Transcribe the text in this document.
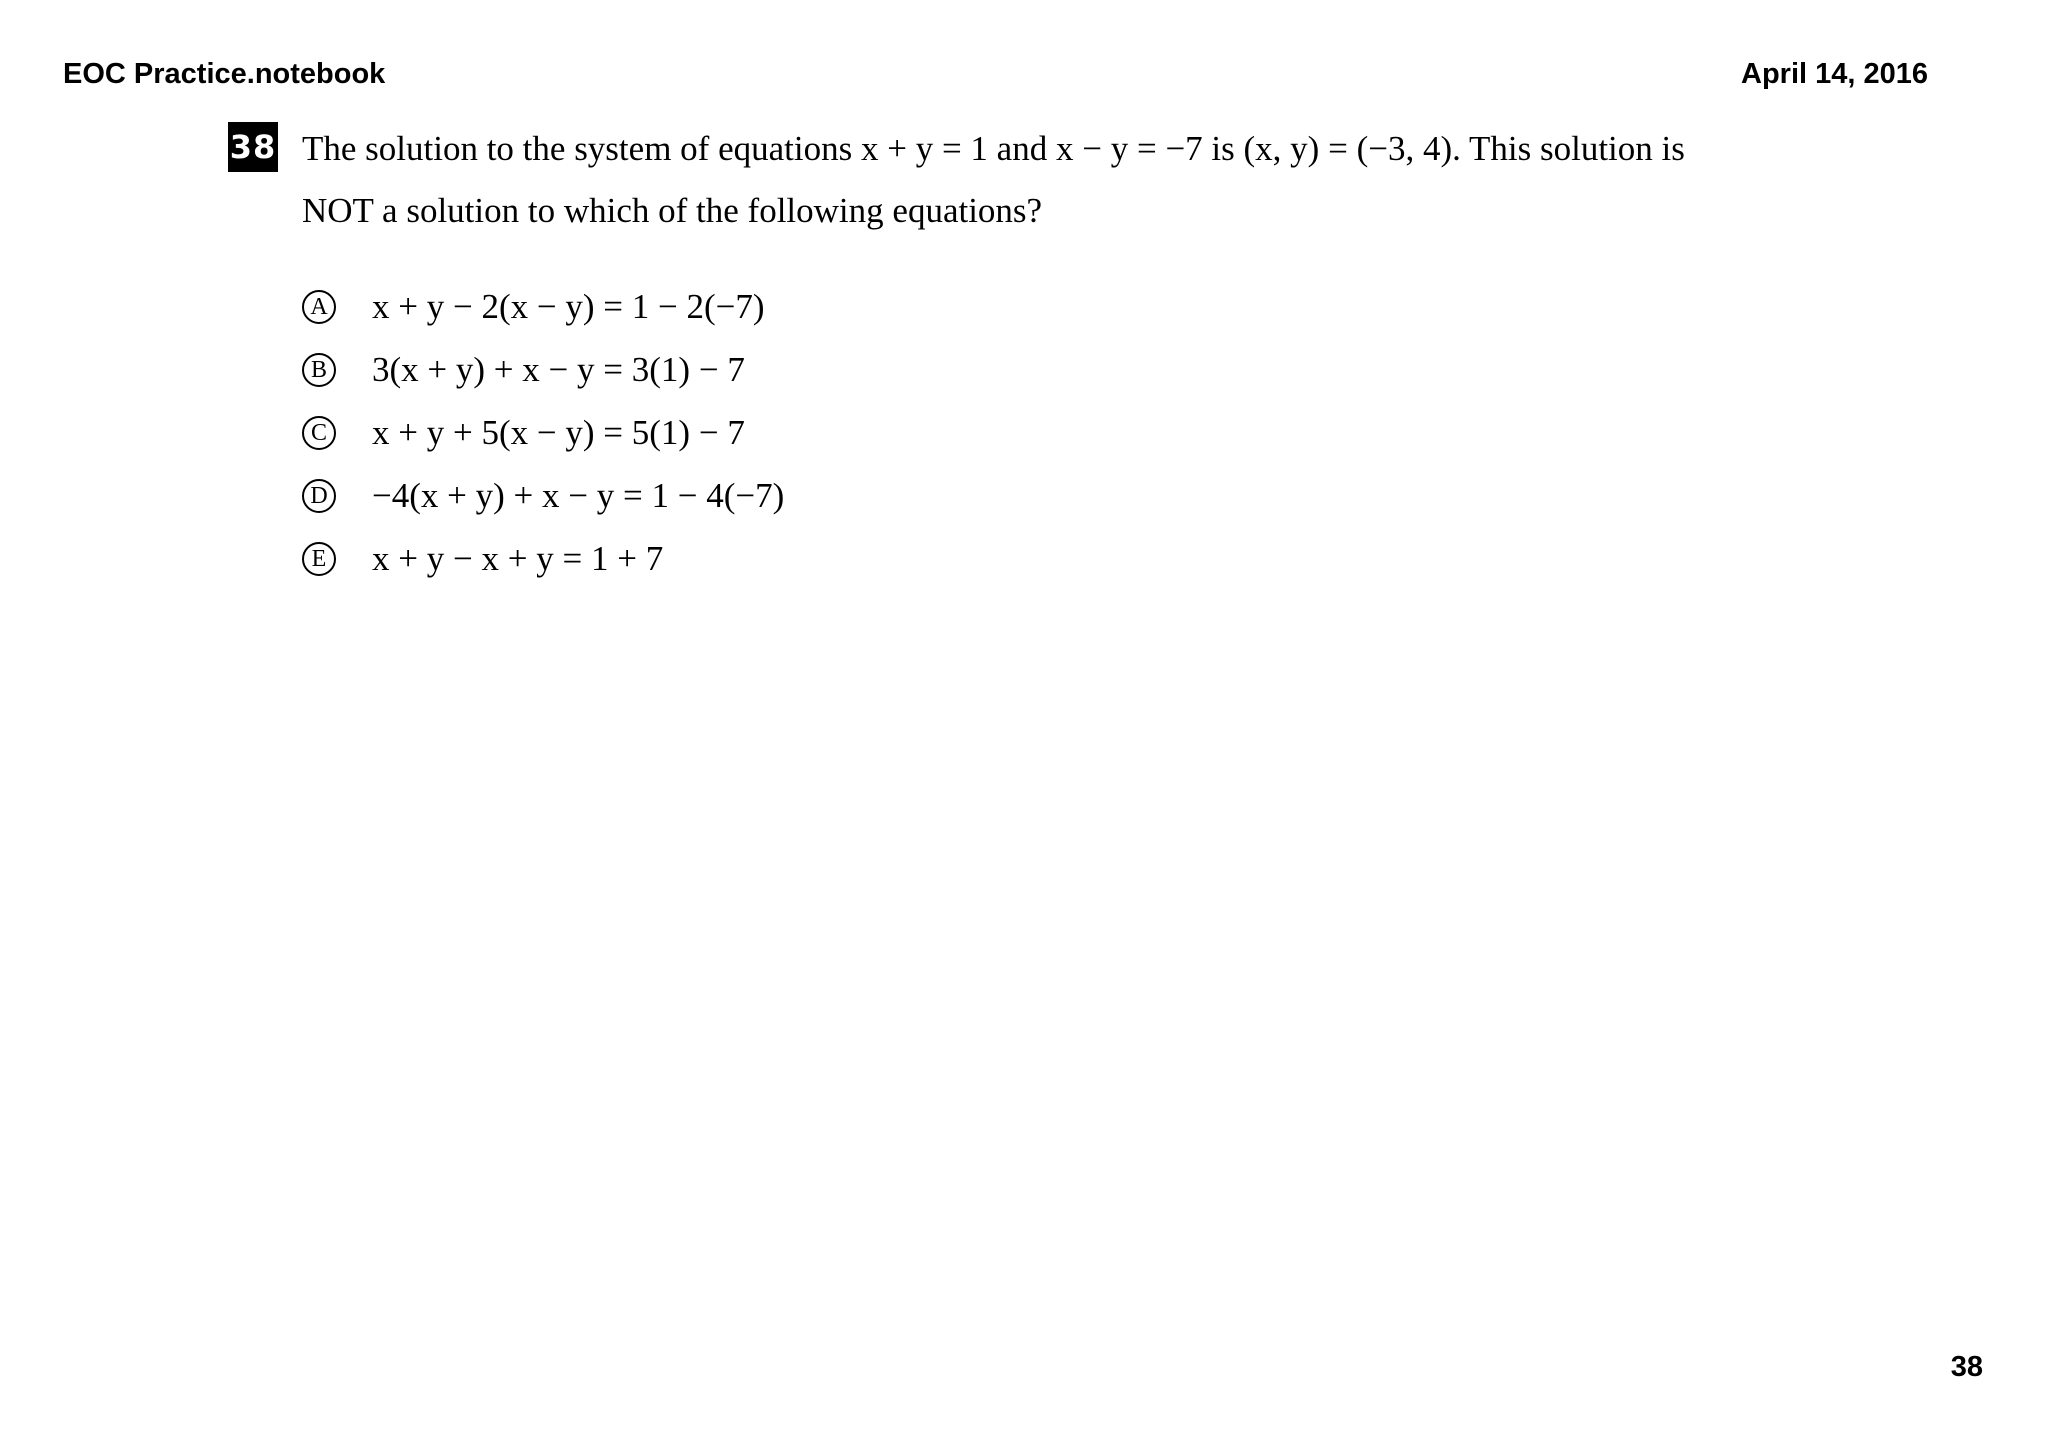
EOC Practice.notebook	April 14, 2016
38 The solution to the system of equations x + y = 1 and x − y = −7 is (x, y) = (−3, 4). This solution is
NOT a solution to which of the following equations?
A x + y − 2(x − y) = 1 − 2(−7)
B 3(x + y) + x − y = 3(1) − 7
C x + y + 5(x − y) = 5(1) − 7
D −4(x + y) + x − y = 1 − 4(−7)
E x + y − x + y = 1 + 7
38
